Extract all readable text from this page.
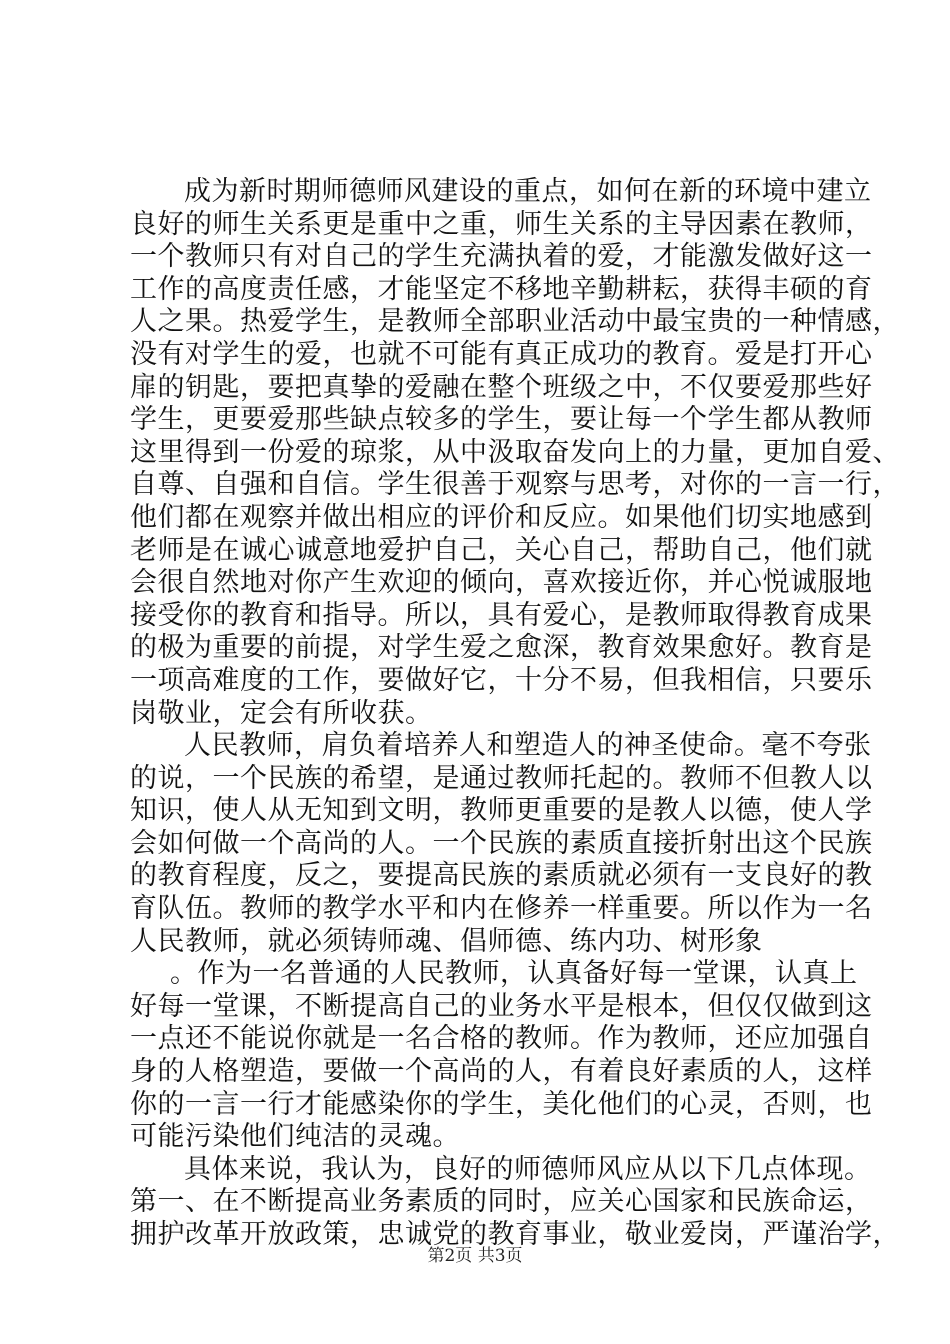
成为新时期师德师风建设的重点，如何在新的环境中建立
良好的师生关系更是重中之重，师生关系的主导因素在教师，
一个教师只有对自己的学生充满执着的爱，才能激发做好这一
工作的高度责任感，才能坚定不移地辛勤耕耘，获得丰硕的育
人之果。热爱学生，是教师全部职业活动中最宝贵的一种情感，
没有对学生的爱，也就不可能有真正成功的教育。爱是打开心
扉的钥匙，要把真挚的爱融在整个班级之中，不仅要爱那些好
学生，更要爱那些缺点较多的学生，要让每一个学生都从教师
这里得到一份爱的琼浆，从中汲取奋发向上的力量，更加自爱、
自尊、自强和自信。学生很善于观察与思考，对你的一言一行，
他们都在观察并做出相应的评价和反应。如果他们切实地感到
老师是在诚心诚意地爱护自己，关心自己，帮助自己，他们就
会很自然地对你产生欢迎的倾向，喜欢接近你，并心悦诚服地
接受你的教育和指导。所以，具有爱心，是教师取得教育成果
的极为重要的前提，对学生爱之愈深，教育效果愈好。教育是
一项高难度的工作，要做好它，十分不易，但我相信，只要乐
岗敬业，定会有所收获。
人民教师，肩负着培养人和塑造人的神圣使命。毫不夸张
的说，一个民族的希望，是通过教师托起的。教师不但教人以
知识，使人从无知到文明，教师更重要的是教人以德，使人学
会如何做一个高尚的人。一个民族的素质直接折射出这个民族
的教育程度，反之，要提高民族的素质就必须有一支良好的教
育队伍。教师的教学水平和内在修养一样重要。所以作为一名
人民教师，就必须铸师魂、倡师德、练内功、树形象
。作为一名普通的人民教师，认真备好每一堂课，认真上
好每一堂课，不断提高自己的业务水平是根本，但仅仅做到这
一点还不能说你就是一名合格的教师。作为教师，还应加强自
身的人格塑造，要做一个高尚的人，有着良好素质的人，这样
你的一言一行才能感染你的学生，美化他们的心灵，否则，也
可能污染他们纯洁的灵魂。
具体来说，我认为，良好的师德师风应从以下几点体现。
第一、在不断提高业务素质的同时，应关心国家和民族命运，
拥护改革开放政策，忠诚党的教育事业，敬业爱岗，严谨治学，
第2页 共3页
